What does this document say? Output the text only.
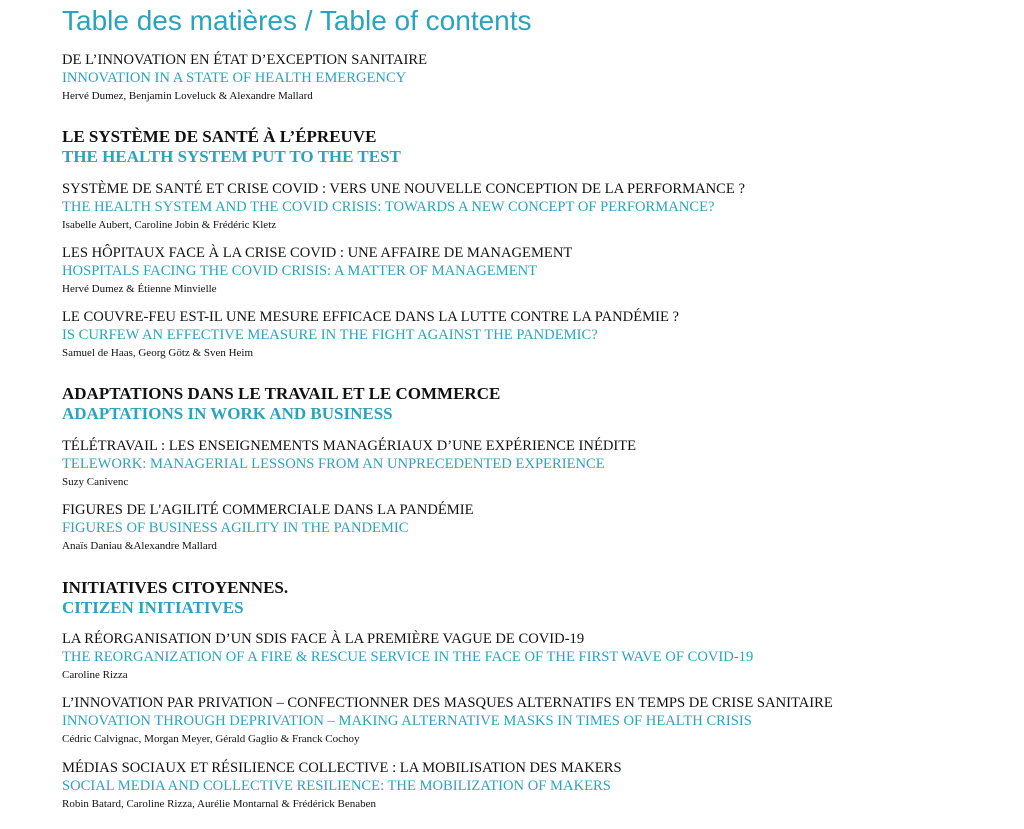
Table des matières / Table of contents
DE L’INNOVATION EN ÉTAT D’EXCEPTION SANITAIRE
INNOVATION IN A STATE OF HEALTH EMERGENCY
Hervé Dumez, Benjamin Loveluck & Alexandre Mallard
LE SYSTÈME DE SANTÉ À L’ÉPREUVE
THE HEALTH SYSTEM PUT TO THE TEST
SYSTÈME DE SANTÉ ET CRISE COVID : VERS UNE NOUVELLE CONCEPTION DE LA PERFORMANCE ?
THE HEALTH SYSTEM AND THE COVID CRISIS: TOWARDS A NEW CONCEPT OF PERFORMANCE?
Isabelle Aubert, Caroline Jobin & Frédéric Kletz
LES HÔPITAUX FACE À LA CRISE COVID : UNE AFFAIRE DE MANAGEMENT
HOSPITALS FACING THE COVID CRISIS: A MATTER OF MANAGEMENT
Hervé Dumez & Étienne Minvielle
LE COUVRE-FEU EST-IL UNE MESURE EFFICACE DANS LA LUTTE CONTRE LA PANDÉMIE ?
IS CURFEW AN EFFECTIVE MEASURE IN THE FIGHT AGAINST THE PANDEMIC?
Samuel de Haas, Georg Götz & Sven Heim
ADAPTATIONS DANS LE TRAVAIL ET LE COMMERCE
ADAPTATIONS IN WORK AND BUSINESS
TÉLÉTRAVAIL : LES ENSEIGNEMENTS MANAGÉRIAUX D’UNE EXPÉRIENCE INÉDITE
TELEWORK: MANAGERIAL LESSONS FROM AN UNPRECEDENTED EXPERIENCE
Suzy Canivenc
FIGURES DE L'AGILITÉ COMMERCIALE DANS LA PANDÉMIE
FIGURES OF BUSINESS AGILITY IN THE PANDEMIC
Anaïs Daniau &Alexandre Mallard
INITIATIVES CITOYENNES.
CITIZEN INITIATIVES
LA RÉORGANISATION D’UN SDIS FACE À LA PREMIÈRE VAGUE DE COVID-19
THE REORGANIZATION OF A FIRE & RESCUE SERVICE IN THE FACE OF THE FIRST WAVE OF COVID-19
Caroline Rizza
L’INNOVATION PAR PRIVATION – CONFECTIONNER DES MASQUES ALTERNATIFS EN TEMPS DE CRISE SANITAIRE
INNOVATION THROUGH DEPRIVATION – MAKING ALTERNATIVE MASKS IN TIMES OF HEALTH CRISIS
Cédric Calvignac, Morgan Meyer, Gérald Gaglio & Franck Cochoy
MÉDIAS SOCIAUX ET RÉSILIENCE COLLECTIVE : LA MOBILISATION DES MAKERS
SOCIAL MEDIA AND COLLECTIVE RESILIENCE: THE MOBILIZATION OF MAKERS
Robin Batard, Caroline Rizza, Aurélie Montarnal & Frédérick Benaben
